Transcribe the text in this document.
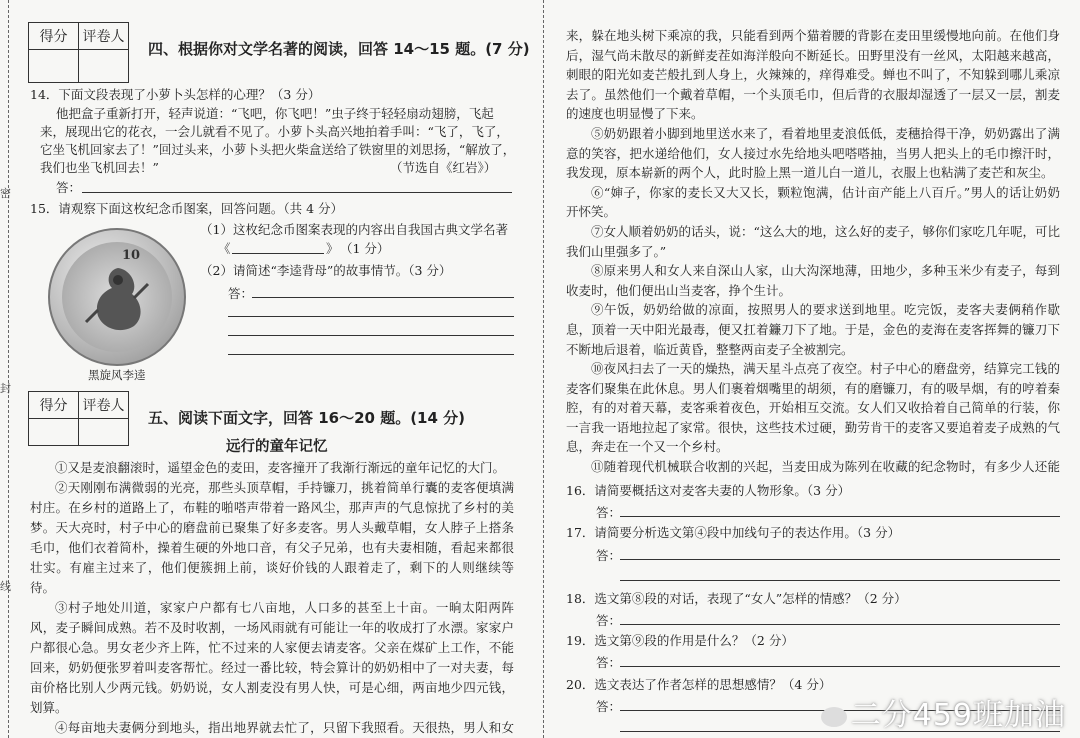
密
封
线
得分	评卷人

四、根据你对文学名著的阅读，回答 14～15 题。(7 分)
14．下面文段表现了小萝卜头怎样的心理？（3 分）
他把盒子重新打开，轻声说道：“飞吧，你飞吧！”虫子终于轻轻扇动翅膀，飞起
来，展现出它的花衣，一会儿就看不见了。小萝卜头高兴地拍着手叫：“飞了，飞了，
它坐飞机回家去了！”回过头来，小萝卜头把火柴盒送给了铁窗里的刘思扬，“解放了，
我们也坐飞机回去！”	（节选自《红岩》）
答：
15．请观察下面这枚纪念币图案，回答问题。（共 4 分）
10
黑旋风李逵
（1）这枚纪念币图案表现的内容出自我国古典文学名著
《	》 （1 分）
（2）请简述“李逵背母”的故事情节。（3 分）
答：
得分	评卷人

五、阅读下面文字，回答 16～20 题。(14 分)
远行的童年记忆
①又是麦浪翻滚时，遥望金色的麦田，麦客撞开了我渐行渐远的童年记忆的大门。
②天刚刚布满微弱的光亮，那些头顶草帽，手持镰刀，挑着简单行囊的麦客便填满村庄。在乡村的道路上了，布鞋的啪嗒声带着一路风尘，那声声的气息惊扰了乡村的美梦。天大亮时，村子中心的磨盘前已聚集了好多麦客。男人头戴草帽，女人脖子上搭条毛巾，他们衣着简朴，操着生硬的外地口音，有父子兄弟，也有夫妻相随，看起来都很壮实。有雇主过来了，他们便簇拥上前，谈好价钱的人跟着走了，剩下的人则继续等待。
③村子地处川道，家家户户都有七八亩地，人口多的甚至上十亩。一晌太阳两阵风，麦子瞬间成熟。若不及时收割，一场风雨就有可能让一年的收成打了水漂。家家户户都很心急。男女老少齐上阵，忙不过来的人家便去请麦客。父亲在煤矿上工作，不能回来，奶奶便张罗着叫麦客帮忙。经过一番比较，特会算计的奶奶相中了一对夫妻，每亩价格比别人少两元钱。奶奶说，女人割麦没有男人快，可是心细，两亩地少四元钱，划算。
④每亩地夫妻俩分到地头，指出地界就去忙了，只留下我照看。天很热，男人和女
来，躲在地头树下乘凉的我，只能看到两个猫着腰的背影在麦田里缓慢地向前。在他们身后，湿气尚未散尽的新鲜麦茬如海洋般向不断延长。田野里没有一丝风，太阳越来越高，刺眼的阳光如麦芒般扎到人身上，火辣辣的，痒得难受。蝉也不叫了，不知躲到哪儿乘凉去了。虽然他们一个戴着草帽，一个头顶毛巾，但后背的衣服却湿透了一层又一层，割麦的速度也明显慢了下来。
⑤奶奶跟着小脚到地里送水来了，看着地里麦浪低低，麦穗拾得干净，奶奶露出了满意的笑容，把水递给他们，女人接过水先给地头吧嗒嗒抽，当男人把头上的毛巾擦汗时，我发现，原本崭新的两个人，此时脸上黑一道儿白一道儿，衣服上也粘满了麦芒和灰尘。
⑥“婶子，你家的麦长又大又长，颗粒饱满，估计亩产能上八百斤。”男人的话让奶奶开怀笑。
⑦女人顺着奶奶的话头，说：“这么大的地，这么好的麦子，够你们家吃几年呢，可比我们山里强多了。”
⑧原来男人和女人来自深山人家，山大沟深地薄，田地少，多种玉米少有麦子，每到收麦时，他们便出山当麦客，挣个生计。
⑨午饭，奶奶给做的凉面，按照男人的要求送到地里。吃完饭，麦客夫妻俩稍作歇息，顶着一天中阳光最毒，便又扛着鐮刀下了地。于是，金色的麦海在麦客挥舞的镰刀下不断地后退着，临近黄昏，整整两亩麦子全被割完。
⑩夜风扫去了一天的燥热，满天星斗点亮了夜空。村子中心的磨盘旁，结算完工钱的麦客们聚集在此休息。男人们裹着烟嘴里的胡须，有的磨镰刀，有的吸旱烟，有的哼着秦腔，有的对着天幕，麦客乘着夜色，开始相互交流。女人们又收拾着自己简单的行装，你一言我一语地拉起了家常。很快，这些技术过硬，勤劳肯干的麦客又要追着麦子成熟的气息，奔走在一个又一个乡村。
⑪随着现代机械联合收割的兴起，当麦田成为陈列在收藏的纪念物时，有多少人还能
16．请简要概括这对麦客夫妻的人物形象。（3 分）
答：
17．请简要分析选文第④段中加线句子的表达作用。（3 分）
答：
18．选文第⑧段的对话，表现了“女人”怎样的情感？（2 分）
答：
19．选文第⑨段的作用是什么？（2 分）
答：
20．选文表达了作者怎样的思想感情？（4 分）
答：	二分459班加油
